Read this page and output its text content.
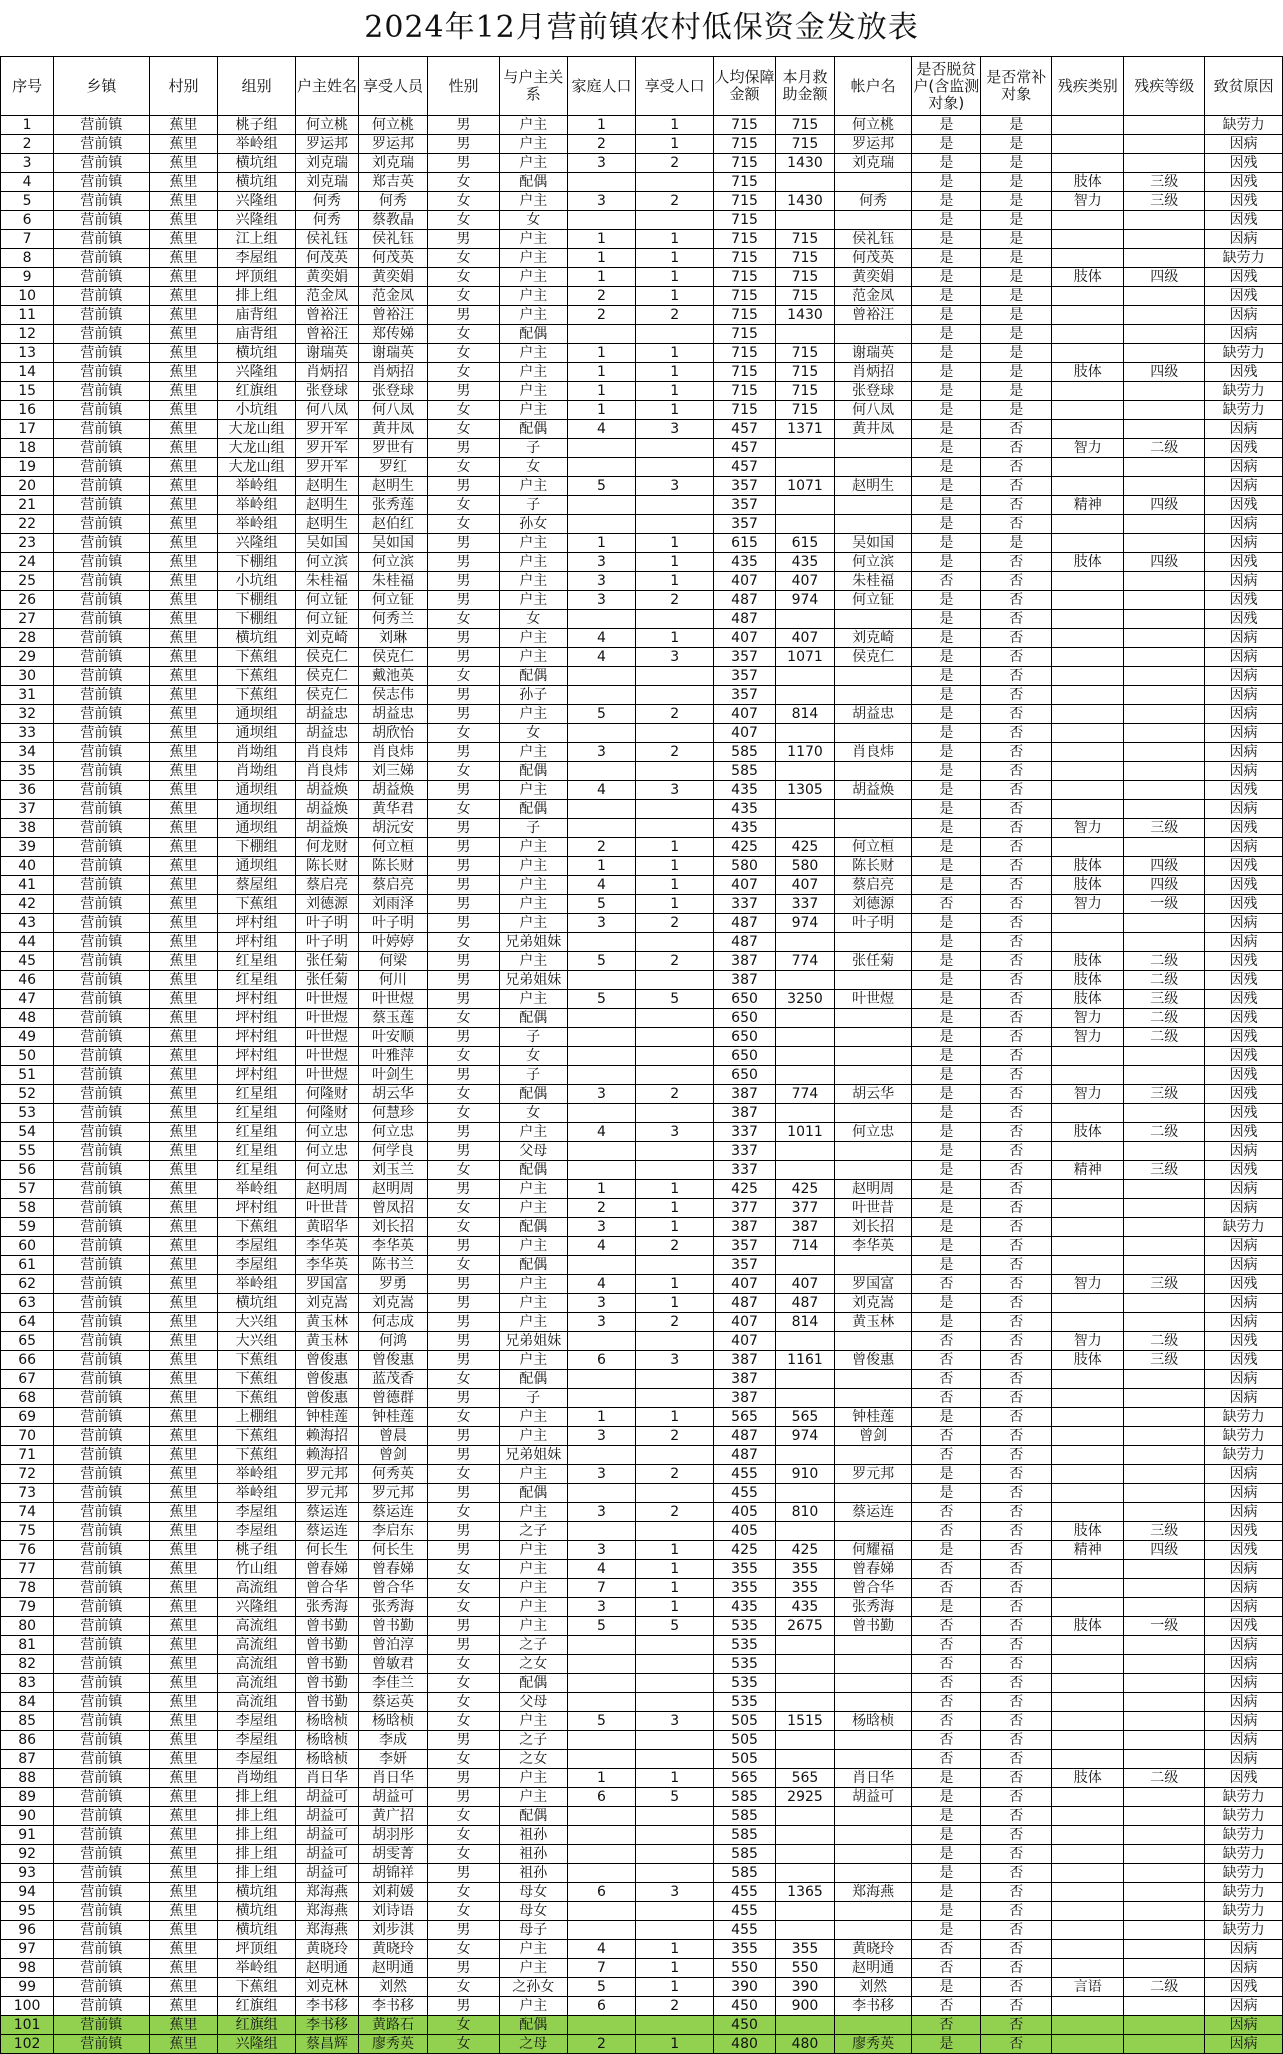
2024年12月营前镇农村低保资金发放表
序号	乡镇	村别	组别	户主姓名	享受人员	性别	与户主关系	家庭人口	享受人口	人均保障金额	本月救助金额	帐户名	是否脱贫户(含监测对象)	是否常补对象	残疾类别	残疾等级	致贫原因
1	营前镇	蕉里	桃子组	何立桃	何立桃	男	户主	1	1	715	715	何立桃	是	是			缺劳力
2	营前镇	蕉里	举岭组	罗运邦	罗运邦	男	户主	2	1	715	715	罗运邦	是	是			因病
3	营前镇	蕉里	横坑组	刘克瑞	刘克瑞	男	户主	3	2	715	1430	刘克瑞	是	是			因残
4	营前镇	蕉里	横坑组	刘克瑞	郑吉英	女	配偶			715			是	是	肢体	三级	因残
5	营前镇	蕉里	兴隆组	何秀	何秀	女	户主	3	2	715	1430	何秀	是	是	智力	三级	因残
6	营前镇	蕉里	兴隆组	何秀	蔡教晶	女	女			715			是	是			因残
7	营前镇	蕉里	江上组	侯礼钰	侯礼钰	男	户主	1	1	715	715	侯礼钰	是	是			因病
8	营前镇	蕉里	李屋组	何茂英	何茂英	女	户主	1	1	715	715	何茂英	是	是			缺劳力
9	营前镇	蕉里	坪顶组	黄奕娟	黄奕娟	女	户主	1	1	715	715	黄奕娟	是	是	肢体	四级	因残
10	营前镇	蕉里	排上组	范金凤	范金凤	女	户主	2	1	715	715	范金凤	是	是			因残
11	营前镇	蕉里	庙背组	曾裕汪	曾裕汪	男	户主	2	2	715	1430	曾裕汪	是	是			因病
12	营前镇	蕉里	庙背组	曾裕汪	郑传娣	女	配偶			715			是	是			因病
13	营前镇	蕉里	横坑组	谢瑞英	谢瑞英	女	户主	1	1	715	715	谢瑞英	是	是			缺劳力
14	营前镇	蕉里	兴隆组	肖炳招	肖炳招	女	户主	1	1	715	715	肖炳招	是	是	肢体	四级	因残
15	营前镇	蕉里	红旗组	张登球	张登球	男	户主	1	1	715	715	张登球	是	是			缺劳力
16	营前镇	蕉里	小坑组	何八凤	何八凤	女	户主	1	1	715	715	何八凤	是	是			缺劳力
17	营前镇	蕉里	大龙山组	罗开军	黄井凤	女	配偶	4	3	457	1371	黄井凤	是	否			因病
18	营前镇	蕉里	大龙山组	罗开军	罗世有	男	子			457			是	否	智力	二级	因残
19	营前镇	蕉里	大龙山组	罗开军	罗红	女	女			457			是	否			因病
20	营前镇	蕉里	举岭组	赵明生	赵明生	男	户主	5	3	357	1071	赵明生	是	否			因病
21	营前镇	蕉里	举岭组	赵明生	张秀莲	女	子			357			是	否	精神	四级	因残
22	营前镇	蕉里	举岭组	赵明生	赵伯红	女	孙女			357			是	否			因病
23	营前镇	蕉里	兴隆组	吴如国	吴如国	男	户主	1	1	615	615	吴如国	是	是			因病
24	营前镇	蕉里	下棚组	何立滨	何立滨	男	户主	3	1	435	435	何立滨	是	否	肢体	四级	因残
25	营前镇	蕉里	小坑组	朱桂福	朱桂福	男	户主	3	1	407	407	朱桂福	否	否			因病
26	营前镇	蕉里	下棚组	何立钲	何立钲	男	户主	3	2	487	974	何立钲	是	否			因残
27	营前镇	蕉里	下棚组	何立钲	何秀兰	女	女			487			是	否			因残
28	营前镇	蕉里	横坑组	刘克崎	刘琳	男	户主	4	1	407	407	刘克崎	是	否			因病
29	营前镇	蕉里	下蕉组	侯克仁	侯克仁	男	户主	4	3	357	1071	侯克仁	是	否			因病
30	营前镇	蕉里	下蕉组	侯克仁	戴池英	女	配偶			357			是	否			因病
31	营前镇	蕉里	下蕉组	侯克仁	侯志伟	男	孙子			357			是	否			因病
32	营前镇	蕉里	通坝组	胡益忠	胡益忠	男	户主	5	2	407	814	胡益忠	是	否			因病
33	营前镇	蕉里	通坝组	胡益忠	胡欣怡	女	女			407			是	否			因病
34	营前镇	蕉里	肖坳组	肖良炜	肖良炜	男	户主	3	2	585	1170	肖良炜	是	否			因病
35	营前镇	蕉里	肖坳组	肖良炜	刘三娣	女	配偶			585			是	否			因病
36	营前镇	蕉里	通坝组	胡益焕	胡益焕	男	户主	4	3	435	1305	胡益焕	是	否			因残
37	营前镇	蕉里	通坝组	胡益焕	黄华君	女	配偶			435			是	否			因病
38	营前镇	蕉里	通坝组	胡益焕	胡沅安	男	子			435			是	否	智力	三级	因残
39	营前镇	蕉里	下棚组	何龙财	何立桓	男	户主	2	1	425	425	何立桓	是	否			因病
40	营前镇	蕉里	通坝组	陈长财	陈长财	男	户主	1	1	580	580	陈长财	是	否	肢体	四级	因残
41	营前镇	蕉里	蔡屋组	蔡启亮	蔡启亮	男	户主	4	1	407	407	蔡启亮	是	否	肢体	四级	因残
42	营前镇	蕉里	下蕉组	刘德源	刘雨泽	男	户主	5	1	337	337	刘德源	否	否	智力	一级	因残
43	营前镇	蕉里	坪村组	叶子明	叶子明	男	户主	3	2	487	974	叶子明	是	否			因病
44	营前镇	蕉里	坪村组	叶子明	叶婷婷	女	兄弟姐妹			487			是	否			因病
45	营前镇	蕉里	红星组	张任菊	何梁	男	户主	5	2	387	774	张任菊	是	否	肢体	二级	因残
46	营前镇	蕉里	红星组	张任菊	何川	男	兄弟姐妹			387			是	否	肢体	二级	因残
47	营前镇	蕉里	坪村组	叶世煜	叶世煜	男	户主	5	5	650	3250	叶世煜	是	否	肢体	三级	因残
48	营前镇	蕉里	坪村组	叶世煜	蔡玉莲	女	配偶			650			是	否	智力	二级	因残
49	营前镇	蕉里	坪村组	叶世煜	叶安顺	男	子			650			是	否	智力	二级	因残
50	营前镇	蕉里	坪村组	叶世煜	叶雅萍	女	女			650			是	否			因残
51	营前镇	蕉里	坪村组	叶世煜	叶剑生	男	子			650			是	否			因残
52	营前镇	蕉里	红星组	何隆财	胡云华	女	配偶	3	2	387	774	胡云华	是	否	智力	三级	因残
53	营前镇	蕉里	红星组	何隆财	何慧珍	女	女			387			是	否			因残
54	营前镇	蕉里	红星组	何立忠	何立忠	男	户主	4	3	337	1011	何立忠	是	否	肢体	二级	因残
55	营前镇	蕉里	红星组	何立忠	何学良	男	父母			337			是	否			因病
56	营前镇	蕉里	红星组	何立忠	刘玉兰	女	配偶			337			是	否	精神	三级	因残
57	营前镇	蕉里	举岭组	赵明周	赵明周	男	户主	1	1	425	425	赵明周	是	否			因病
58	营前镇	蕉里	坪村组	叶世昔	曾凤招	女	户主	2	1	377	377	叶世昔	是	否			因病
59	营前镇	蕉里	下蕉组	黄昭华	刘长招	女	配偶	3	1	387	387	刘长招	是	否			缺劳力
60	营前镇	蕉里	李屋组	李华英	李华英	男	户主	4	2	357	714	李华英	是	否			因病
61	营前镇	蕉里	李屋组	李华英	陈书兰	女	配偶			357			是	否			因病
62	营前镇	蕉里	举岭组	罗国富	罗勇	男	户主	4	1	407	407	罗国富	否	否	智力	三级	因残
63	营前镇	蕉里	横坑组	刘克嵩	刘克嵩	男	户主	3	1	487	487	刘克嵩	是	否			因病
64	营前镇	蕉里	大兴组	黄玉林	何志成	男	户主	3	2	407	814	黄玉林	是	否			因病
65	营前镇	蕉里	大兴组	黄玉林	何鸿	男	兄弟姐妹			407			否	否	智力	二级	因残
66	营前镇	蕉里	下蕉组	曾俊惠	曾俊惠	男	户主	6	3	387	1161	曾俊惠	否	否	肢体	三级	因残
67	营前镇	蕉里	下蕉组	曾俊惠	蓝茂香	女	配偶			387			否	否			因病
68	营前镇	蕉里	下蕉组	曾俊惠	曾德群	男	子			387			否	否			因病
69	营前镇	蕉里	上棚组	钟桂莲	钟桂莲	女	户主	1	1	565	565	钟桂莲	是	否			缺劳力
70	营前镇	蕉里	下蕉组	赖海招	曾晨	男	户主	3	2	487	974	曾剑	否	否			缺劳力
71	营前镇	蕉里	下蕉组	赖海招	曾剑	男	兄弟姐妹			487			否	否			缺劳力
72	营前镇	蕉里	举岭组	罗元邦	何秀英	女	户主	3	2	455	910	罗元邦	是	否			因病
73	营前镇	蕉里	举岭组	罗元邦	罗元邦	男	配偶			455			是	否			因病
74	营前镇	蕉里	李屋组	蔡运连	蔡运连	女	户主	3	2	405	810	蔡运连	否	否			因病
75	营前镇	蕉里	李屋组	蔡运连	李启东	男	之子			405			否	否	肢体	三级	因残
76	营前镇	蕉里	桃子组	何长生	何长生	男	户主	3	1	425	425	何耀福	是	否	精神	四级	因残
77	营前镇	蕉里	竹山组	曾春娣	曾春娣	女	户主	4	1	355	355	曾春娣	否	否			因病
78	营前镇	蕉里	高流组	曾合华	曾合华	女	户主	7	1	355	355	曾合华	否	否			因病
79	营前镇	蕉里	兴隆组	张秀海	张秀海	女	户主	3	1	435	435	张秀海	是	否			因病
80	营前镇	蕉里	高流组	曾书勤	曾书勤	男	户主	5	5	535	2675	曾书勤	否	否	肢体	一级	因残
81	营前镇	蕉里	高流组	曾书勤	曾泊淳	男	之子			535			否	否			因病
82	营前镇	蕉里	高流组	曾书勤	曾敏君	女	之女			535			否	否			因病
83	营前镇	蕉里	高流组	曾书勤	李佳兰	女	配偶			535			否	否			因病
84	营前镇	蕉里	高流组	曾书勤	蔡运英	女	父母			535			否	否			因病
85	营前镇	蕉里	李屋组	杨晗桢	杨晗桢	女	户主	5	3	505	1515	杨晗桢	否	否			因病
86	营前镇	蕉里	李屋组	杨晗桢	李成	男	之子			505			否	否			因病
87	营前镇	蕉里	李屋组	杨晗桢	李妍	女	之女			505			否	否			因病
88	营前镇	蕉里	肖坳组	肖日华	肖日华	男	户主	1	1	565	565	肖日华	是	否	肢体	二级	因残
89	营前镇	蕉里	排上组	胡益可	胡益可	男	户主	6	5	585	2925	胡益可	是	否			缺劳力
90	营前镇	蕉里	排上组	胡益可	黄广招	女	配偶			585			是	否			缺劳力
91	营前镇	蕉里	排上组	胡益可	胡羽彤	女	祖孙			585			是	否			缺劳力
92	营前镇	蕉里	排上组	胡益可	胡雯菁	女	祖孙			585			是	否			缺劳力
93	营前镇	蕉里	排上组	胡益可	胡锦祥	男	祖孙			585			是	否			缺劳力
94	营前镇	蕉里	横坑组	郑海燕	刘莉媛	女	母女	6	3	455	1365	郑海燕	是	否			缺劳力
95	营前镇	蕉里	横坑组	郑海燕	刘诗语	女	母女			455			是	否			缺劳力
96	营前镇	蕉里	横坑组	郑海燕	刘步淇	男	母子			455			是	否			缺劳力
97	营前镇	蕉里	坪顶组	黄晓玲	黄晓玲	女	户主	4	1	355	355	黄晓玲	否	否			因病
98	营前镇	蕉里	举岭组	赵明通	赵明通	男	户主	7	1	550	550	赵明通	否	否			因病
99	营前镇	蕉里	下蕉组	刘克林	刘然	女	之孙女	5	1	390	390	刘然	是	否	言语	二级	因残
100	营前镇	蕉里	红旗组	李书移	李书移	男	户主	6	2	450	900	李书移	否	否			因病
101	营前镇	蕉里	红旗组	李书移	黄路石	女	配偶			450			否	否			因病
102	营前镇	蕉里	兴隆组	蔡昌辉	廖秀英	女	之母	2	1	480	480	廖秀英	是	否			因病
